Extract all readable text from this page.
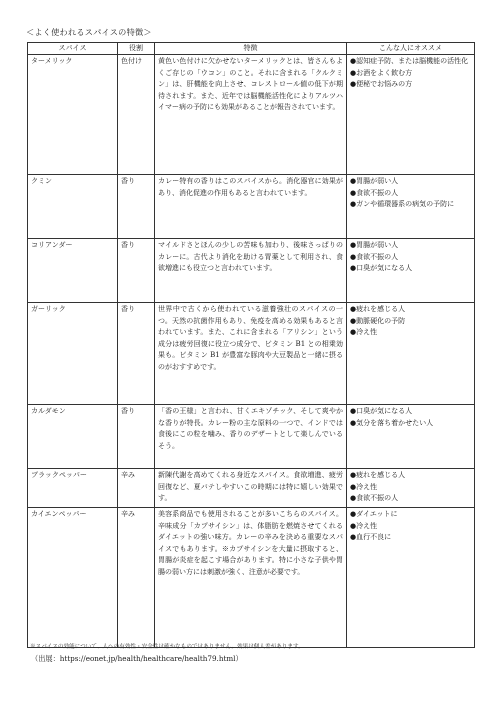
＜よく使われるスパイスの特徴＞
スパイス	役割	特徴	こんな人にオススメ
ターメリック	色付け	黄色い色付けに欠かせないターメリックとは、皆さんもよくご存じの「ウコン」のこと。それに含まれる「クルクミン」は、肝機能を向上させ、コレストロール値の低下が期待されます。また、近年では脳機能活性化によりアルツハイマー病の予防にも効果があることが報告されています。	●認知症予防、または脳機能の活性化
●お酒をよく飲む方
●便秘でお悩みの方

クミン	香り	カレー特有の香りはこのスパイスから。消化器官に効果があり、消化促進の作用もあると言われています。	●胃腸が弱い人
●食欲不振の人
●ガンや循環器系の病気の予防に

コリアンダー	香り	マイルドさとほんの少しの苦味も加わり、後味さっぱりのカレーに。古代より消化を助ける胃薬として利用され、食欲増進にも役立つと言われています。	●胃腸が弱い人
●食欲不振の人
●口臭が気になる人

ガーリック	香り	世界中で古くから使われている滋養強壮のスパイスの一つ。天然の抗菌作用もあり、免疫を高める効果もあると言われています。また、これに含まれる「アリシン」という成分は疲労回復に役立つ成分で、ビタミン B1 との相乗効果も。ビタミン B1 が豊富な豚肉や大豆製品と一緒に摂るのがおすすめです。	●疲れを感じる人
●動脈硬化の予防
●冷え性

カルダモン	香り	「香の王様」と言われ、甘くエキゾチック、そして爽やかな香りが特長。カレー粉の主な原料の一つで、インドでは食後にこの粒を噛み、香りのデザートとして楽しんでいるそう。	●口臭が気になる人
●気分を落ち着かせたい人

ブラックペッパー	辛み	新陳代謝を高めてくれる身近なスパイス。食欲増進、疲労回復など、夏バテしやすいこの時期には特に嬉しい効果です。	●疲れを感じる人
●冷え性
●食欲不振の人

カイエンペッパー	辛み	美容系商品でも使用されることが多いこちらのスパイス。辛味成分「カプサイシン」は、体脂肪を燃焼させてくれるダイエットの強い味方。カレーの辛みを決める重要なスパイスでもあります。※カプサイシンを大量に摂取すると、胃腸が炎症を起こす場合があります。特に小さな子供や胃腸の弱い方には刺激が強く、注意が必要です。	●ダイエットに
●冷え性
●血行不良に
※スパイスの効能について、人への有効性・安全性は確かなものではありません。効果は個人差があります。
（出展：https://eonet.jp/health/healthcare/health79.html）
